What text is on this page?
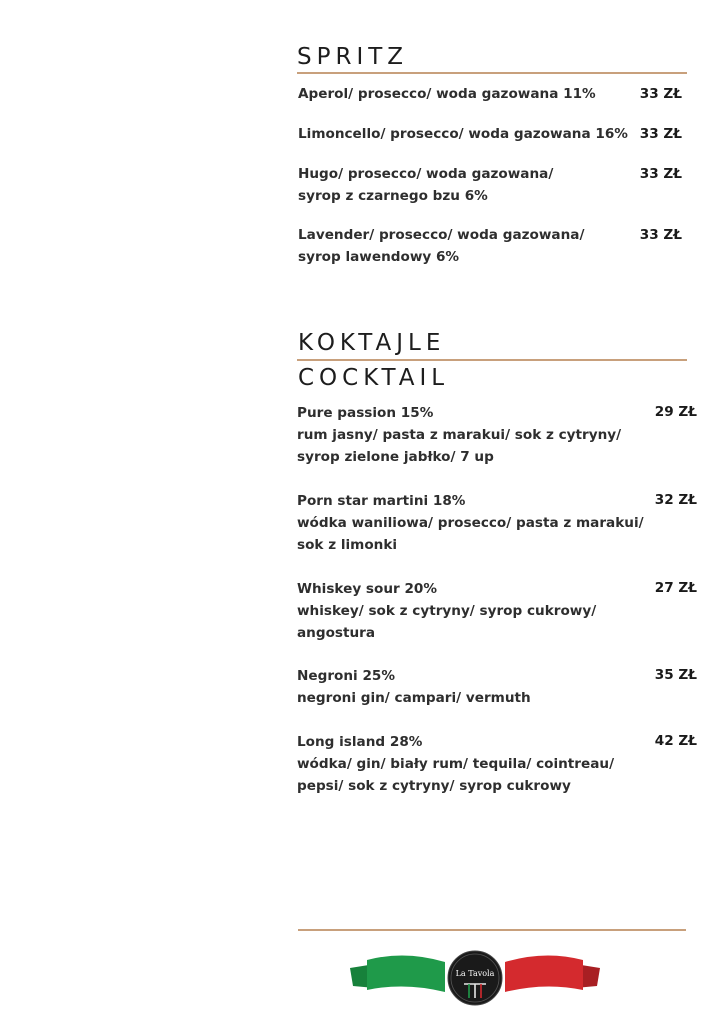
SPRITZ

Aperol/ prosecco/ woda gazowana 11%	33 ZŁ

Limoncello/ prosecco/ woda gazowana 16% 33 ZŁ

Hugo/ prosecco/ woda gazowana/
syrop z czarnego bzu 6%

33 ZŁ

Lavender/ prosecco/ woda gazowana/
syrop lawendowy 6%

33 ZŁ

KOKTAJLE
COCKTAIL

Pure passion 15%

rum jasny/ pasta z marakui/ sok z cytryny/
syrop zielone jabłko/ 7 up

29 ZŁ

Porn star martini 18%

wódka waniliowa/ prosecco/ pasta z marakui/
sok z limonki

32 ZŁ

Whiskey sour 20%

whiskey/ sok z cytryny/ syrop cukrowy/
angostura

27 ZŁ

Negroni 25%

negroni gin/ campari/ vermuth

35 ZŁ

Long island 28%

wódka/ gin/ biały rum/ tequila/ cointreau/
pepsi/ sok z cytryny/ syrop cukrowy

42 ZŁ

La Tavola
